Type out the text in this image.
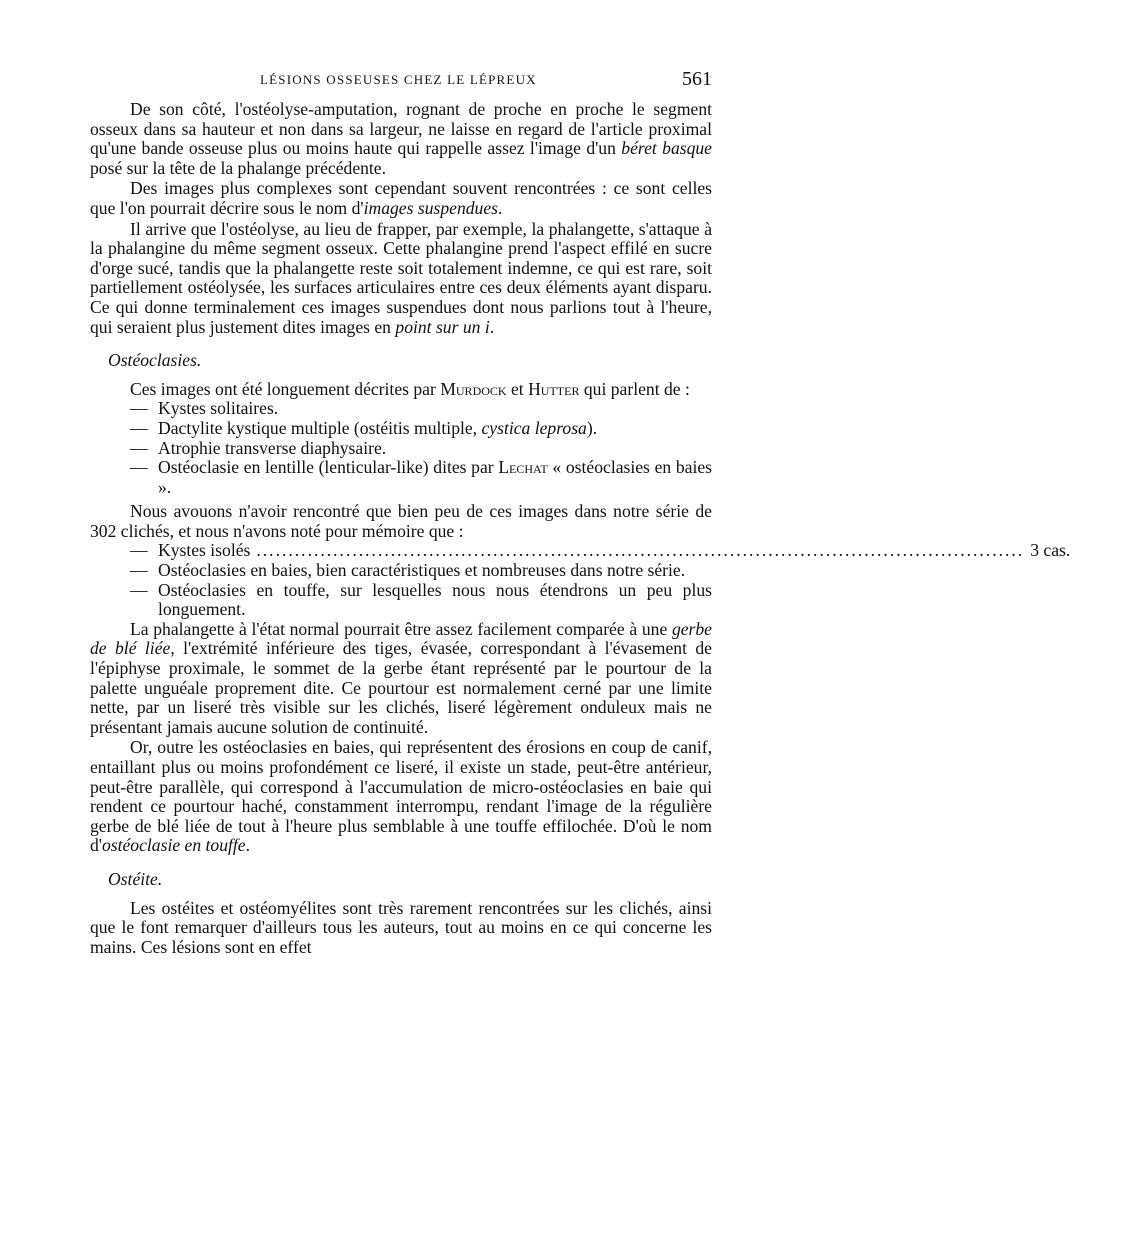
LÉSIONS OSSEUSES CHEZ LE LÉPREUX	561

De son côté, l'ostéolyse-amputation, rognant de proche en proche le segment osseux dans sa hauteur et non dans sa largeur, ne laisse en regard de l'article proximal qu'une bande osseuse plus ou moins haute qui rappelle assez l'image d'un béret basque posé sur la tête de la phalange précédente.

Des images plus complexes sont cependant souvent rencontrées : ce sont celles que l'on pourrait décrire sous le nom d'images suspendues.

Il arrive que l'ostéolyse, au lieu de frapper, par exemple, la phalangette, s'attaque à la phalangine du même segment osseux. Cette phalangine prend l'aspect effilé en sucre d'orge sucé, tandis que la phalangette reste soit totalement indemne, ce qui est rare, soit partiellement ostéolysée, les surfaces articulaires entre ces deux éléments ayant disparu. Ce qui donne terminalement ces images suspendues dont nous parlions tout à l'heure, qui seraient plus justement dites images en point sur un i.

Ostéoclasies.

Ces images ont été longuement décrites par Murdock et Hutter qui parlent de :

— Kystes solitaires.
— Dactylite kystique multiple (ostéitis multiple, cystica leprosa).
— Atrophie transverse diaphysaire.
— Ostéoclasie en lentille (lenticular-like) dites par Lechat « ostéoclasies en baies ».

Nous avouons n'avoir rencontré que bien peu de ces images dans notre série de 302 clichés, et nous n'avons noté pour mémoire que :

— Kystes isolés ........................................................................................................................ 3 cas.
— Ostéoclasies en baies, bien caractéristiques et nombreuses dans notre série.
— Ostéoclasies en touffe, sur lesquelles nous nous étendrons un peu plus longuement.

La phalangette à l'état normal pourrait être assez facilement comparée à une gerbe de blé liée, l'extrémité inférieure des tiges, évasée, correspondant à l'évasement de l'épiphyse proximale, le sommet de la gerbe étant représenté par le pourtour de la palette unguéale proprement dite. Ce pourtour est normalement cerné par une limite nette, par un liseré très visible sur les clichés, liseré légèrement onduleux mais ne présentant jamais aucune solution de continuité.

Or, outre les ostéoclasies en baies, qui représentent des érosions en coup de canif, entaillant plus ou moins profondément ce liseré, il existe un stade, peut-être antérieur, peut-être parallèle, qui correspond à l'accumulation de micro-ostéoclasies en baie qui rendent ce pourtour haché, constamment interrompu, rendant l'image de la régulière gerbe de blé liée de tout à l'heure plus semblable à une touffe effilochée. D'où le nom d'ostéoclasie en touffe.

Ostéite.

Les ostéites et ostéomyélites sont très rarement rencontrées sur les clichés, ainsi que le font remarquer d'ailleurs tous les auteurs, tout au moins en ce qui concerne les mains. Ces lésions sont en effet
